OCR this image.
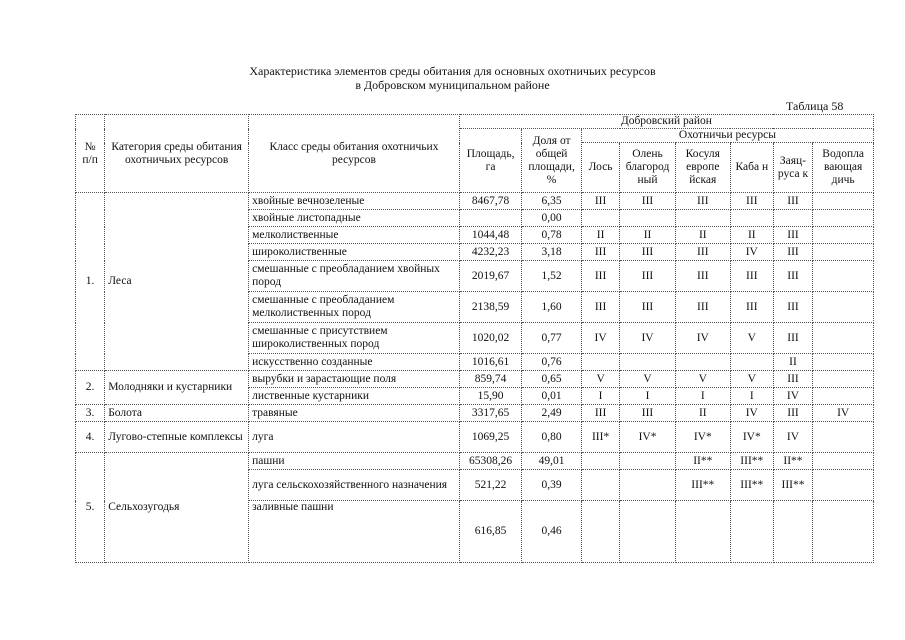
Характеристика элементов среды обитания для основных охотничьих ресурсов
в Добровском муниципальном районе
Таблица 58
№ п/п	Категория среды обитания охотничьих ресурсов	Класс среды обитания охотничьих ресурсов	Добровский район							
			Площадь, га	Доля от общей площади, %	Охотничьи ресурсы					
					Лось	Олень благород ный	Косуля европе йская	Каба н	Заяц-руса к	Водопла вающая дичь
1.	Леса	хвойные вечнозеленые	8467,78	6,35	III	III	III	III	III	
		хвойные листопадные		0,00						
		мелколиственные	1044,48	0,78	II	II	II	II	III	
		широколиственные	4232,23	3,18	III	III	III	IV	III	
		смешанные с преобладанием хвойных пород	2019,67	1,52	III	III	III	III	III	
		смешанные с преобладанием мелколиственных пород	2138,59	1,60	III	III	III	III	III	
		смешанные с присутствием широколиственных пород	1020,02	0,77	IV	IV	IV	V	III	
		искусственно созданные	1016,61	0,76					II	
2.	Молодняки и кустарники	вырубки и зарастающие поля	859,74	0,65	V	V	V	V	III	
		лиственные кустарники	15,90	0,01	I	I	I	I	IV	
3.	Болота	травяные	3317,65	2,49	III	III	II	IV	III	IV
4.	Лугово-степные комплексы	луга	1069,25	0,80	III*	IV*	IV*	IV*	IV	
5.	Сельхозугодья	пашни	65308,26	49,01			II**	III**	II**	
		луга сельскохозяйственного назначения	521,22	0,39			III**	III**	III**	
		заливные пашни	616,85	0,46						
